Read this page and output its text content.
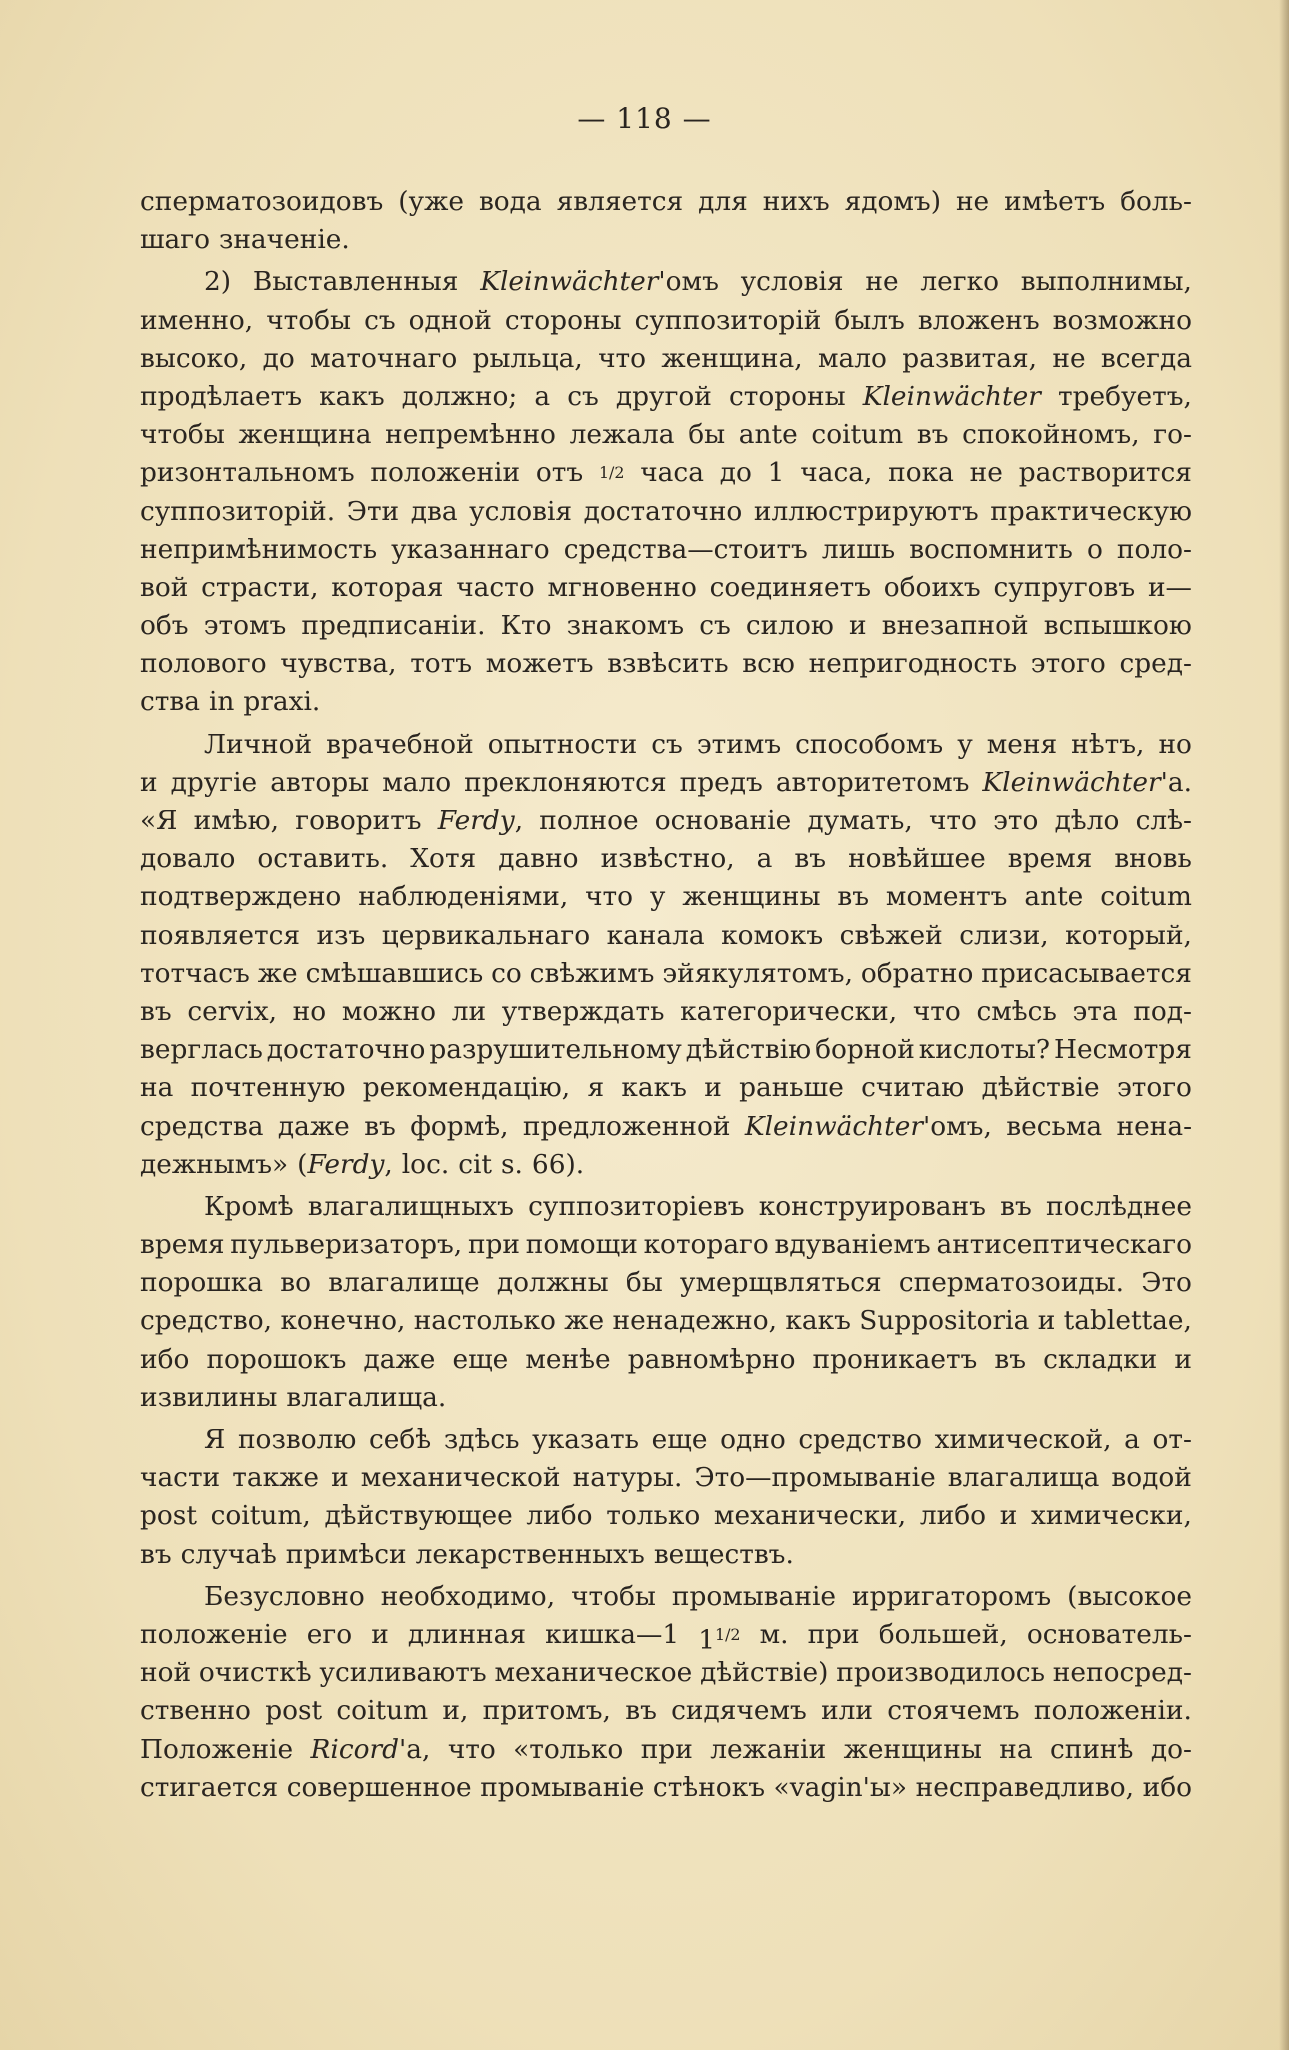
— 118 —
сперматозоидовъ (уже вода является для нихъ ядомъ) не имѣетъ боль-
шаго значеніе.
2) Выставленныя Kleinwächter'омъ условія не легко выполнимы,
именно, чтобы съ одной стороны суппозиторій былъ вложенъ возможно
высоко, до маточнаго рыльца, что женщина, мало развитая, не всегда
продѣлаетъ какъ должно; а съ другой стороны Kleinwächter требуетъ,
чтобы женщина непремѣнно лежала бы ante coitum въ спокойномъ, го-
ризонтальномъ положеніи отъ $^{1/2}$ часа до 1 часа, пока не растворится
суппозиторій. Эти два условія достаточно иллюстрируютъ практическую
непримѣнимость указаннаго средства—стоитъ лишь воспомнить о поло-
вой страсти, которая часто мгновенно соединяетъ обоихъ супруговъ и—
объ этомъ предписаніи. Кто знакомъ съ силою и внезапной вспышкою
полового чувства, тотъ можетъ взвѣсить всю непригодность этого сред-
ства in praxi.
Личной врачебной опытности съ этимъ способомъ у меня нѣтъ, но
и другіе авторы мало преклоняются предъ авторитетомъ Kleinwächter'а.
«Я имѣю, говоритъ Ferdy, полное основаніе думать, что это дѣло слѣ-
довало оставить. Хотя давно извѣстно, а въ новѣйшее время вновь
подтверждено наблюденіями, что у женщины въ моментъ ante coitum
появляется изъ цервикальнаго канала комокъ свѣжей слизи, который,
тотчасъ же смѣшавшись со свѣжимъ эйякулятомъ, обратно присасывается
въ cervix, но можно ли утверждать категорически, что смѣсь эта под-
верглась достаточно разрушительному дѣйствію борной кислоты? Несмотря
на почтенную рекомендацію, я какъ и раньше считаю дѣйствіе этого
средства даже въ формѣ, предложенной Kleinwächter'омъ, весьма нена-
дежнымъ» (Ferdy, loc. cit s. 66).
Кромѣ влагалищныхъ суппозиторіевъ конструированъ въ послѣднее
время пульверизаторъ, при помощи котораго вдуваніемъ антисептическаго
порошка во влагалище должны бы умерщвляться сперматозоиды. Это
средство, конечно, настолько же ненадежно, какъ Suppositoria и tablettae,
ибо порошокъ даже еще менѣе равномѣрно проникаетъ въ складки и
извилины влагалища.
Я позволю себѣ здѣсь указать еще одно средство химической, а от-
части также и механической натуры. Это—промываніе влагалища водой
post coitum, дѣйствующее либо только механически, либо и химически,
въ случаѣ примѣси лекарственныхъ веществъ.
Безусловно необходимо, чтобы промываніе ирригаторомъ (высокое
положеніе его и длинная кишка—1 $1^{1/2}$ м. при большей, основатель-
ной очисткѣ усиливаютъ механическое дѣйствіе) производилось непосред-
ственно post coitum и, притомъ, въ сидячемъ или стоячемъ положеніи.
Положеніе Ricord'а, что «только при лежаніи женщины на спинѣ до-
стигается совершенное промываніе стѣнокъ «vagin'ы» несправедливо, ибо
